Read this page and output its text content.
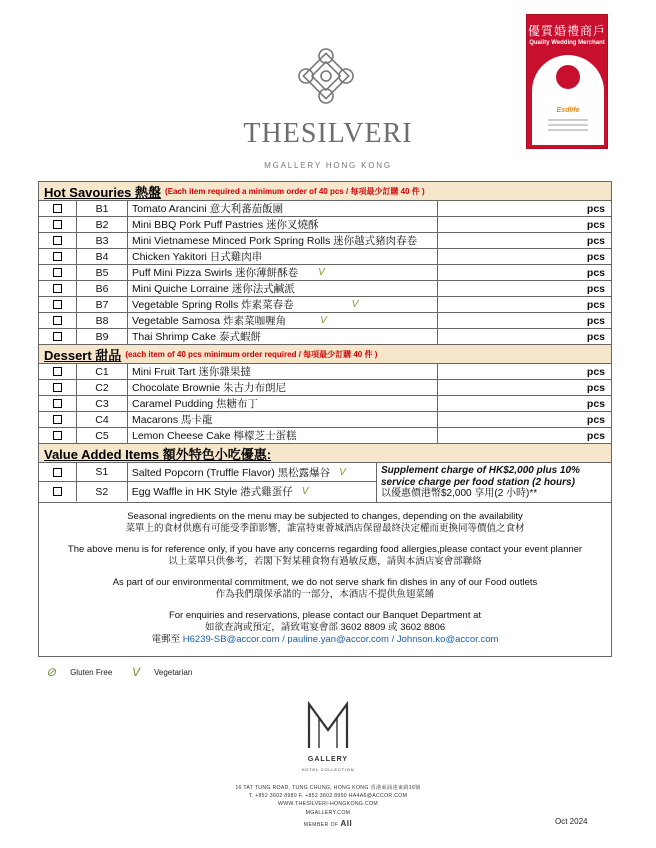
THESILVERI
MGALLERY HONG KONG
優質婚禮商戶
Quality Wedding Merchant
Esdlife
Hot Savouries 熱盤 (Each item required a minimum order of 40 pcs / 每項最少訂購 40 件 )
B1	Tomato Arancini 意大利蕃茄飯團	pcs
B2	Mini BBQ Pork Puff Pastries 迷你叉燒酥	pcs
B3	Mini Vietnamese Minced Pork Spring Rolls 迷你越式豬肉春卷	pcs
B4	Chicken Yakitori 日式雞肉串	pcs
B5	Puff Mini Pizza Swirls 迷你薄餅酥卷 V	pcs
B6	Mini Quiche Lorraine 迷你法式鹹派	pcs
B7	Vegetable Spring Rolls 炸素菜春卷	V	pcs
B8	Vegetable Samosa 炸素菜咖喱角	V	pcs
B9	Thai Shrimp Cake 泰式蝦餅	pcs
Dessert 甜品 (each item of 40 pcs minimum order required / 每項最少訂購 40 件 )
C1	Mini Fruit Tart 迷你雜果撻	pcs
C2	Chocolate Brownie 朱古力布朗尼	pcs
C3	Caramel Pudding 焦糖布丁	pcs
C4	Macarons 馬卡龍	pcs
C5	Lemon Cheese Cake 檸檬芝士蛋糕	pcs
Value Added Items 額外特色小吃優惠:
S1	Salted Popcorn (Truffle Flavor) 黑松露爆谷 V
S2	Egg Waffle in HK Style 港式雞蛋仔 V
Supplement charge of HK$2,000 plus 10% service charge per food station (2 hours)
以優惠價港幣$2,000 享用(2 小時)**
Seasonal ingredients on the menu may be subjected to changes, depending on the availability
菜單上的食材供應有可能受季節影響，誰富特東薈城酒店保留最終決定權而更換同等價值之食材
The above menu is for reference only, if you have any concerns regarding food allergies,please contact your event planner
以上菜單只供參考，若閣下對某種食物有過敏反應，請與本酒店宴會部聯絡
As part of our environmental commitment, we do not serve shark fin dishes in any of our Food outlets
作為我們環保承諾的一部分，本酒店不提供魚翅菜餚
For enquiries and reservations, please contact our Banquet Department at
如欲查詢或預定，請致電宴會部 3602 8809 或 3602 8806
電郵至 H6239-SB@accor.com / pauline.yan@accor.com / Johnson.ko@accor.com
⊘ Gluten Free V Vegetarian
GALLERY
HOTEL COLLECTION
16 TAT TUNG ROAD, TUNG CHUNG, HONG KONG 香港東涌達東路16號
T. +852 3602 8989 F. +852 3602 8990 HA4A6@ACCOR.COM
WWW.THESILVERI-HONGKONG.COM
MGALLERY.COM
MEMBER OF All	Oct 2024
